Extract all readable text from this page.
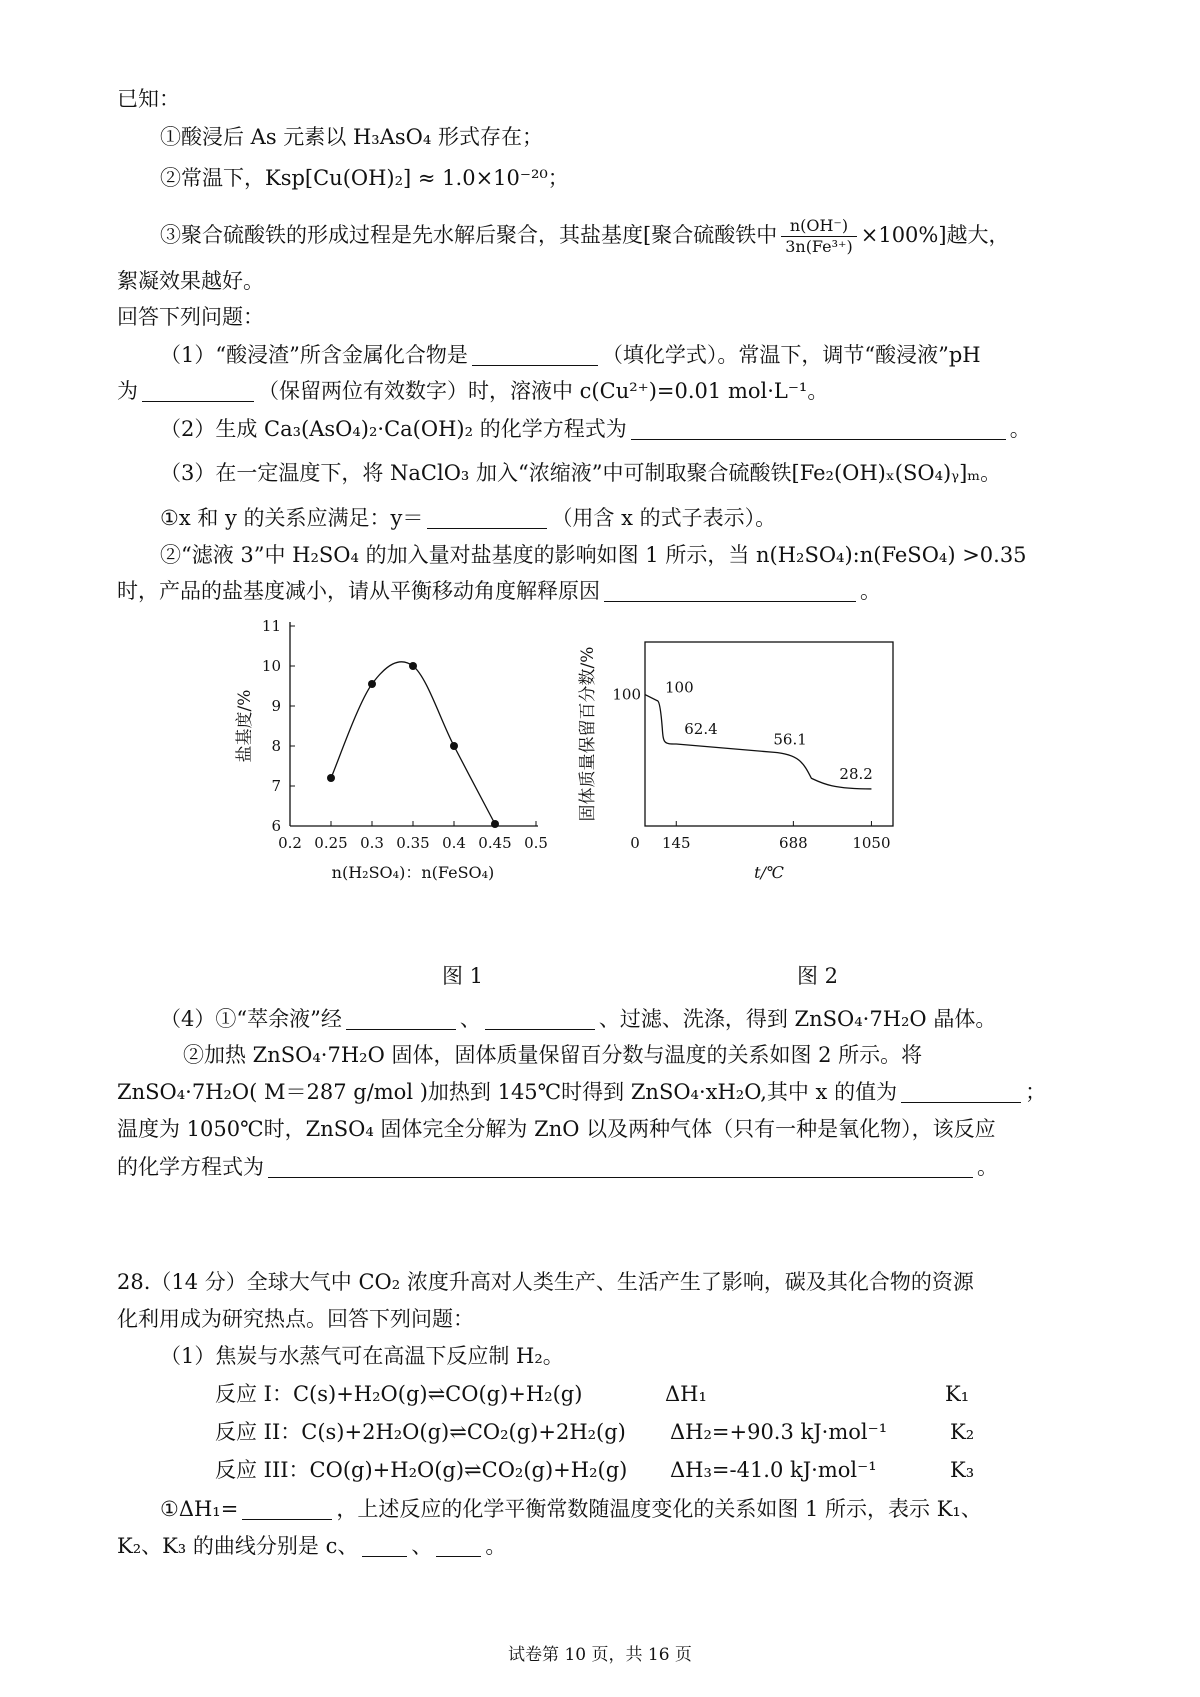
已知：
①酸浸后 As 元素以 H₃AsO₄ 形式存在；
②常温下，Ksp[Cu(OH)₂] ≈ 1.0×10⁻²⁰；
③聚合硫酸铁的形成过程是先水解后聚合，其盐基度[聚合硫酸铁中 $\frac{n(OH^-)}{\text{3n(Fe³⁺)}} \times 100\%$]越大，
絮凝效果越好。
回答下列问题：
（1）“酸浸渣”所含金属化合物是	（填化学式）。常温下，调节“酸浸液”pH
为	（保留两位有效数字）时，溶液中 c(Cu²⁺)=0.01 mol·L⁻¹。
（2）生成 Ca₃(AsO₄)₂·Ca(OH)₂ 的化学方程式为	。
（3）在一定温度下，将 NaClO₃ 加入“浓缩液”中可制取聚合硫酸铁[Fe₂(OH)ₓ(SO₄)ᵧ]ₘ。
①x 和 y 的关系应满足：y＝	（用含 x 的式子表示）。
②“滤液 3”中 H₂SO₄ 的加入量对盐基度的影响如图 1 所示，当 n(H₂SO₄):n(FeSO₄) >0.35
时，产品的盐基度减小，请从平衡移动角度解释原因	。
0.2 0.25 0.3 0.35 0.4 0.45 0.5
6
7
8
9
10
11
盐基度/%
n(H₂SO₄)：n(FeSO₄)
图 1
0 145	688	1050
100 100
62.4
56.1
28.2
固体质量保留百分数/%
t/℃
图 2
（4）①“萃余液”经	、	、过滤、洗涤，得到 ZnSO₄·7H₂O 晶体。
②加热 ZnSO₄·7H₂O 固体，固体质量保留百分数与温度的关系如图 2 所示。将
ZnSO₄·7H₂O( M＝287 g/mol )加热到 145℃时得到 ZnSO₄·xH₂O,其中 x 的值为	；
温度为 1050℃时，ZnSO₄ 固体完全分解为 ZnO 以及两种气体（只有一种是氧化物），该反应
的化学方程式为	。
28.（14 分）全球大气中 CO₂ 浓度升高对人类生产、生活产生了影响，碳及其化合物的资源
化利用成为研究热点。回答下列问题：
（1）焦炭与水蒸气可在高温下反应制 H₂。
反应 I：C(s)+H₂O(g)⇌CO(g)+H₂(g)	ΔH₁	K₁
反应 II：C(s)+2H₂O(g)⇌CO₂(g)+2H₂(g) ΔH₂=+90.3 kJ·mol⁻¹	K₂
反应 III：CO(g)+H₂O(g)⇌CO₂(g)+H₂(g) ΔH₃=-41.0 kJ·mol⁻¹	K₃
①ΔH₁=	，上述反应的化学平衡常数随温度变化的关系如图 1 所示，表示 K₁、
K₂、K₃ 的曲线分别是 c、	、	。
试卷第 10 页，共 16 页
